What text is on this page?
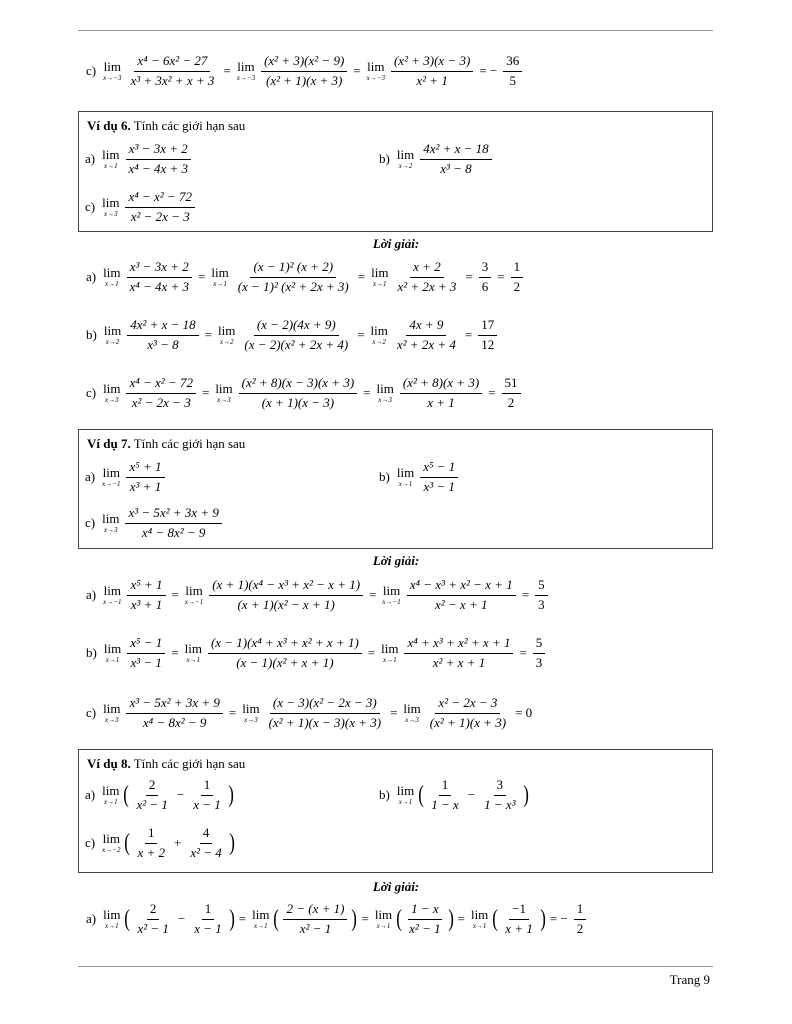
c) lim
$x\to-3 \frac{\text{x⁴ − 6x² − 27}}{\text{x³ + 3x² + x + 3}} = \lim$
$x\to-3 \frac{\text{(x² + 3)(x² − 9)}}{\text{(x² + 1)(x + 3)}} = \lim$
$x\to-3 \frac{\text{(x² + 3)(x − 3)}}{\text{x² + 1}}$ = − $\frac{36}{5}$
Ví dụ 6. Tính các giới hạn sau
a) lim
x→1
x³ − 3x + 2
x⁴ − 4x + 3
b) lim
x→2
4x² + x − 18
x³ − 8
c) lim
x→3
x⁴ − x² − 72
x² − 2x − 3
Lời giải:
a) lim
$x\to 1 \frac{\text{x³ − 3x + 2}}{\text{x⁴ − 4x + 3}} = \lim$
$x\to 1 \frac{\text{(x − 1)² (x + 2)}}{\text{(x − 1)² (x² + 2x + 3)}} = \lim$
$x\to 1 \frac{x + 2}{\text{x² + 2x + 3}} = \frac{3}{6} = \frac{1}{2}$
b) lim
$x\to 2 \frac{\text{4x² + x − 18}}{\text{x³ − 8}} = \lim$
$x\to 2 \frac{(x - 2)(4x + 9)}{\text{(x − 2)(x² + 2x + 4)}} = \lim$
$x\to 2 \frac{4x + 9}{\text{x² + 2x + 4}} = \frac{17}{12}$
c) lim
$x\to 3 \frac{\text{x⁴ − x² − 72}}{\text{x² − 2x − 3}} = \lim$
$x\to 3 \frac{\text{(x² + 8)(x − 3)(x + 3)}}{(x + 1)(x - 3)} = \lim$
$x\to 3 \frac{\text{(x² + 8)(x + 3)}}{x + 1} = \frac{51}{2}$
Ví dụ 7. Tính các giới hạn sau
a) lim
x→−1
x⁵ + 1
x³ + 1
b) lim
x→1
x⁵ − 1
x³ − 1
c) lim
x→3
x³ − 5x² + 3x + 9
x⁴ − 8x² − 9
Lời giải:
a) lim
$x\to-1 \frac{\text{x⁵ + 1}}{\text{x³ + 1}} = \lim$
$x\to-1 \frac{\text{(x + 1)(x⁴ − x³ + x² − x + 1)}}{\text{(x + 1)(x² − x + 1)}} = \lim$
$x\to-1 \frac{\text{x⁴ − x³ + x² − x + 1}}{\text{x² − x + 1}} = \frac{5}{3}$
b) lim
$x\to 1 \frac{\text{x⁵ − 1}}{\text{x³ − 1}} = \lim$
$x\to 1 \frac{\text{(x − 1)(x⁴ + x³ + x² + x + 1)}}{\text{(x − 1)(x² + x + 1)}} = \lim$
$x\to 1 \frac{\text{x⁴ + x³ + x² + x + 1}}{\text{x² + x + 1}} = \frac{5}{3}$
c) lim
$x\to 3 \frac{\text{x³ − 5x² + 3x + 9}}{\text{x⁴ − 8x² − 9}} = \lim$
$x\to 3 \frac{\text{(x − 3)(x² − 2x − 3)}}{\text{(x² + 1)(x − 3)(x + 3)}} = \lim$
$x\to 3 \frac{\text{x² − 2x − 3}}{\text{(x² + 1)(x + 3)}} = 0$
Ví dụ 8. Tính các giới hạn sau
a) lim
x→1 ( 2
x² − 1
− $\frac{1}{x - 1}$ )	b) lim
x→1 ( 1
1 − x
− $\frac{3}{\text{1 − x³}}$ )
c) lim
x→−2 ( 1
x + 2
+ $\frac{4}{\text{x² − 4}}$ )
Lời giải:
a) lim
x→1 ( 2
x² − 1
− $\frac{1}{x - 1}$ ) = lim
x→1 ( 2 − (x + 1)
x² − 1 ) = lim
x→1 ( 1 − x
x² − 1 ) = lim
x→1 ( −1
x + 1 ) = − $\frac{1}{2}$
Trang 9
